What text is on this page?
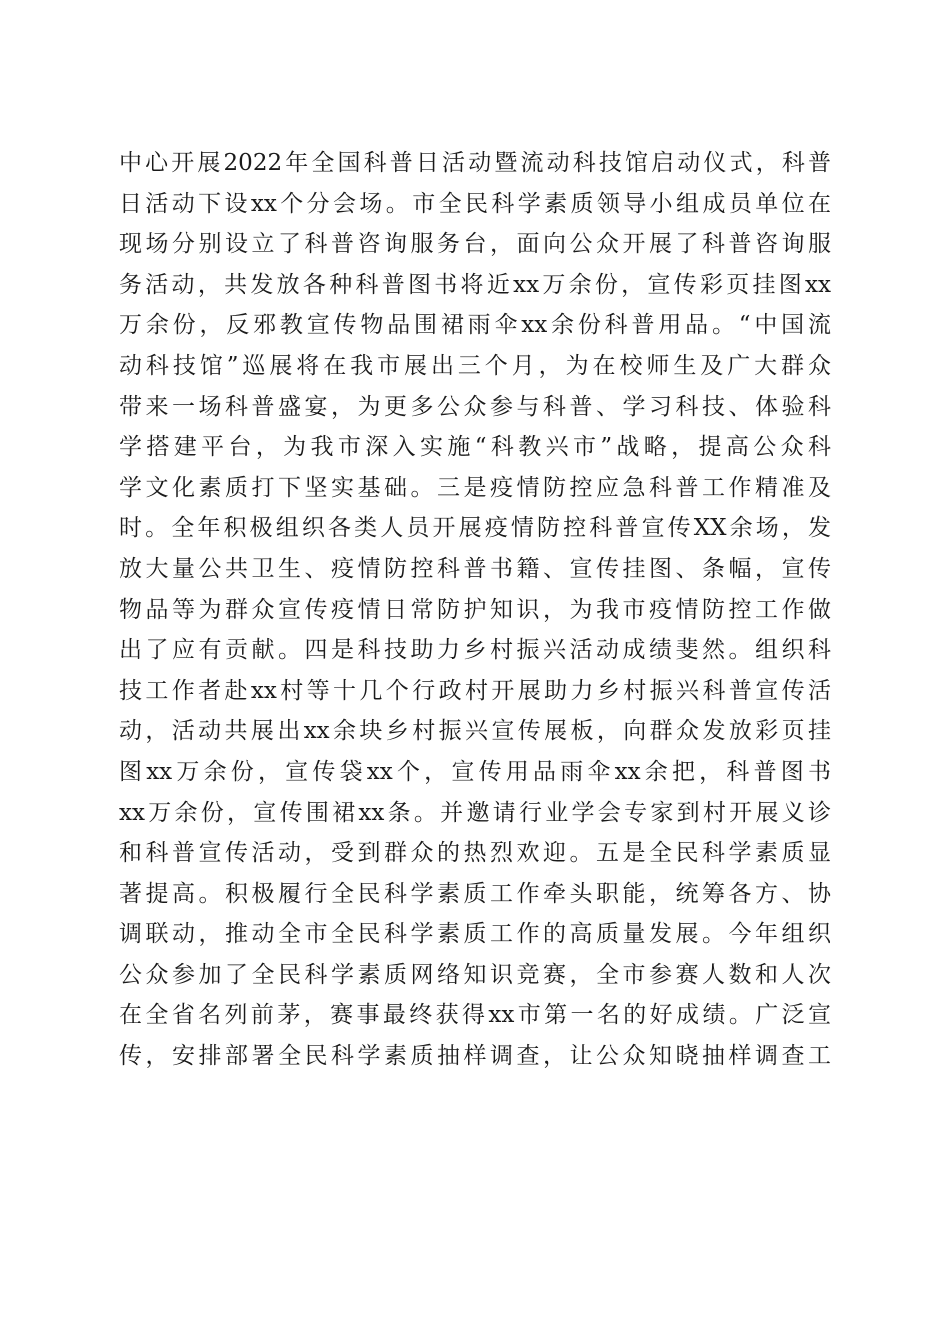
中心开展2022年全国科普日活动暨流动科技馆启动仪式，科普
日活动下设xx个分会场。市全民科学素质领导小组成员单位在
现场分别设立了科普咨询服务台，面向公众开展了科普咨询服
务活动，共发放各种科普图书将近xx万余份，宣传彩页挂图xx
万余份，反邪教宣传物品围裙雨伞xx余份科普用品。“中国流
动科技馆”巡展将在我市展出三个月，为在校师生及广大群众
带来一场科普盛宴，为更多公众参与科普、学习科技、体验科
学搭建平台，为我市深入实施“科教兴市”战略，提高公众科
学文化素质打下坚实基础。三是疫情防控应急科普工作精准及
时。全年积极组织各类人员开展疫情防控科普宣传XX余场，发
放大量公共卫生、疫情防控科普书籍、宣传挂图、条幅，宣传
物品等为群众宣传疫情日常防护知识，为我市疫情防控工作做
出了应有贡献。四是科技助力乡村振兴活动成绩斐然。组织科
技工作者赴xx村等十几个行政村开展助力乡村振兴科普宣传活
动，活动共展出xx余块乡村振兴宣传展板，向群众发放彩页挂
图xx万余份，宣传袋xx个，宣传用品雨伞xx余把，科普图书
xx万余份，宣传围裙xx条。并邀请行业学会专家到村开展义诊
和科普宣传活动，受到群众的热烈欢迎。五是全民科学素质显
著提高。积极履行全民科学素质工作牵头职能，统筹各方、协
调联动，推动全市全民科学素质工作的高质量发展。今年组织
公众参加了全民科学素质网络知识竞赛，全市参赛人数和人次
在全省名列前茅，赛事最终获得xx市第一名的好成绩。广泛宣
传，安排部署全民科学素质抽样调查，让公众知晓抽样调查工
